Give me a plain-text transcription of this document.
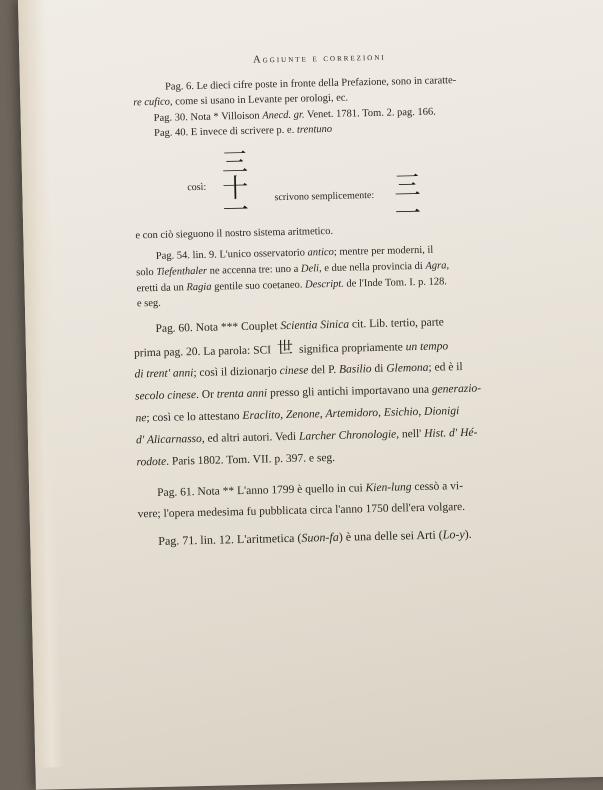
Aggiunte e correzioni
Pag. 6. Le dieci cifre poste in fronte della Prefazione, sono in caratte-
re cufico, come si usano in Levante per orologi, ec.
Pag. 30. Nota * Villoison Anecd. gr. Venet. 1781. Tom. 2. pag. 166.
Pag. 40. E invece di scrivere p. e. trentuno
三
十
一
così:
scrivono semplicemente: 三
一
e con ciò sieguono il nostro sistema aritmetico.
Pag. 54. lin. 9. L'unico osservatorio antico; mentre per moderni, il
solo Tiefenthaler ne accenna tre: uno a Deli, e due nella provincia di Agra,
eretti da un Ragia gentile suo coetaneo. Descript. de l'Inde Tom. I. p. 128.
e seg.
Pag. 60. Nota *** Couplet Scientia Sinica cit. Lib. tertio, parte
prima pag. 20. La parola: SCI 世 significa propriamente un tempo
di trent' anni; così il dizionarjo cinese del P. Basilio di Glemona; ed è il
secolo cinese. Or trenta anni presso gli antichi importavano una generazio-
ne; così ce lo attestano Eraclito, Zenone, Artemidoro, Esichio, Dionigi
d' Alicarnasso, ed altri autori. Vedi Larcher Chronologie, nell' Hist. d' Hé-
rodote. Paris 1802. Tom. VII. p. 397. e seg.
Pag. 61. Nota ** L'anno 1799 è quello in cui Kien-lung cessò a vi-
vere; l'opera medesima fu pubblicata circa l'anno 1750 dell'era volgare.
Pag. 71. lin. 12. L'aritmetica (Suon-fa) è una delle sei Arti (Lo-y).
